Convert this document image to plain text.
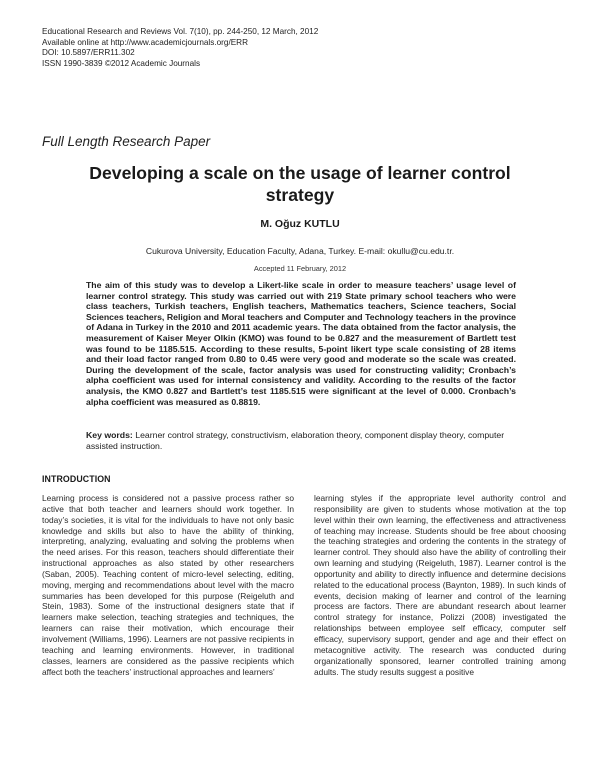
Educational Research and Reviews Vol. 7(10), pp. 244-250, 12 March, 2012
Available online at http://www.academicjournals.org/ERR
DOI: 10.5897/ERR11.302
ISSN 1990-3839 ©2012 Academic Journals
Full Length Research Paper
Developing a scale on the usage of learner control strategy
M. Oğuz KUTLU
Cukurova University, Education Faculty, Adana, Turkey. E-mail: okullu@cu.edu.tr.
Accepted 11 February, 2012
The aim of this study was to develop a Likert-like scale in order to measure teachers’ usage level of learner control strategy. This study was carried out with 219 State primary school teachers who were class teachers, Turkish teachers, English teachers, Mathematics teachers, Science teachers, Social Sciences teachers, Religion and Moral teachers and Computer and Technology teachers in the province of Adana in Turkey in the 2010 and 2011 academic years. The data obtained from the factor analysis, the measurement of Kaiser Meyer Olkin (KMO) was found to be 0.827 and the measurement of Bartlett test was found to be 1185.515. According to these results, 5-point likert type scale consisting of 28 items and their load factor ranged from 0.80 to 0.45 were very good and moderate so the scale was created. During the development of the scale, factor analysis was used for constructing validity; Cronbach’s alpha coefficient was used for internal consistency and validity. According to the results of the factor analysis, the KMO 0.827 and Bartlett’s test 1185.515 were significant at the level of 0.000. Cronbach’s alpha coefficient was measured as 0.8819.
Key words: Learner control strategy, constructivism, elaboration theory, component display theory, computer assisted instruction.
INTRODUCTION
Learning process is considered not a passive process rather so active that both teacher and learners should work together. In today’s societies, it is vital for the individuals to have not only basic knowledge and skills but also to have the ability of thinking, interpreting, analyzing, evaluating and solving the problems when the need arises. For this reason, teachers should differentiate their instructional approaches as also stated by other researchers (Saban, 2005). Teaching content of micro-level selecting, editing, moving, merging and recommendations about level with the macro summaries has been developed for this purpose (Reigeluth and Stein, 1983). Some of the instructional designers state that if learners make selection, teaching strategies and techniques, the learners can raise their motivation, which encourage their involvement (Williams, 1996). Learners are not passive recipients in teaching and learning environments. However, in traditional classes, learners are considered as the passive recipients which affect both the teachers’ instructional approaches and learners’
learning styles if the appropriate level authority control and responsibility are given to students whose motivation at the top level within their own learning, the effectiveness and attractiveness of teaching may increase. Students should be free about choosing the teaching strategies and ordering the contents in the strategy of learner control. They should also have the ability of controlling their own learning and studying (Reigeluth, 1987). Learner control is the opportunity and ability to directly influence and determine decisions related to the educational process (Baynton, 1989). In such kinds of events, decision making of learner and control of the learning process are factors. There are abundant research about learner control strategy for instance, Polizzi (2008) investigated the relationships between employee self efficacy, computer self efficacy, supervisory support, gender and age and their effect on metacognitive activity. The research was conducted during organizationally sponsored, learner controlled training among adults. The study results suggest a positive
